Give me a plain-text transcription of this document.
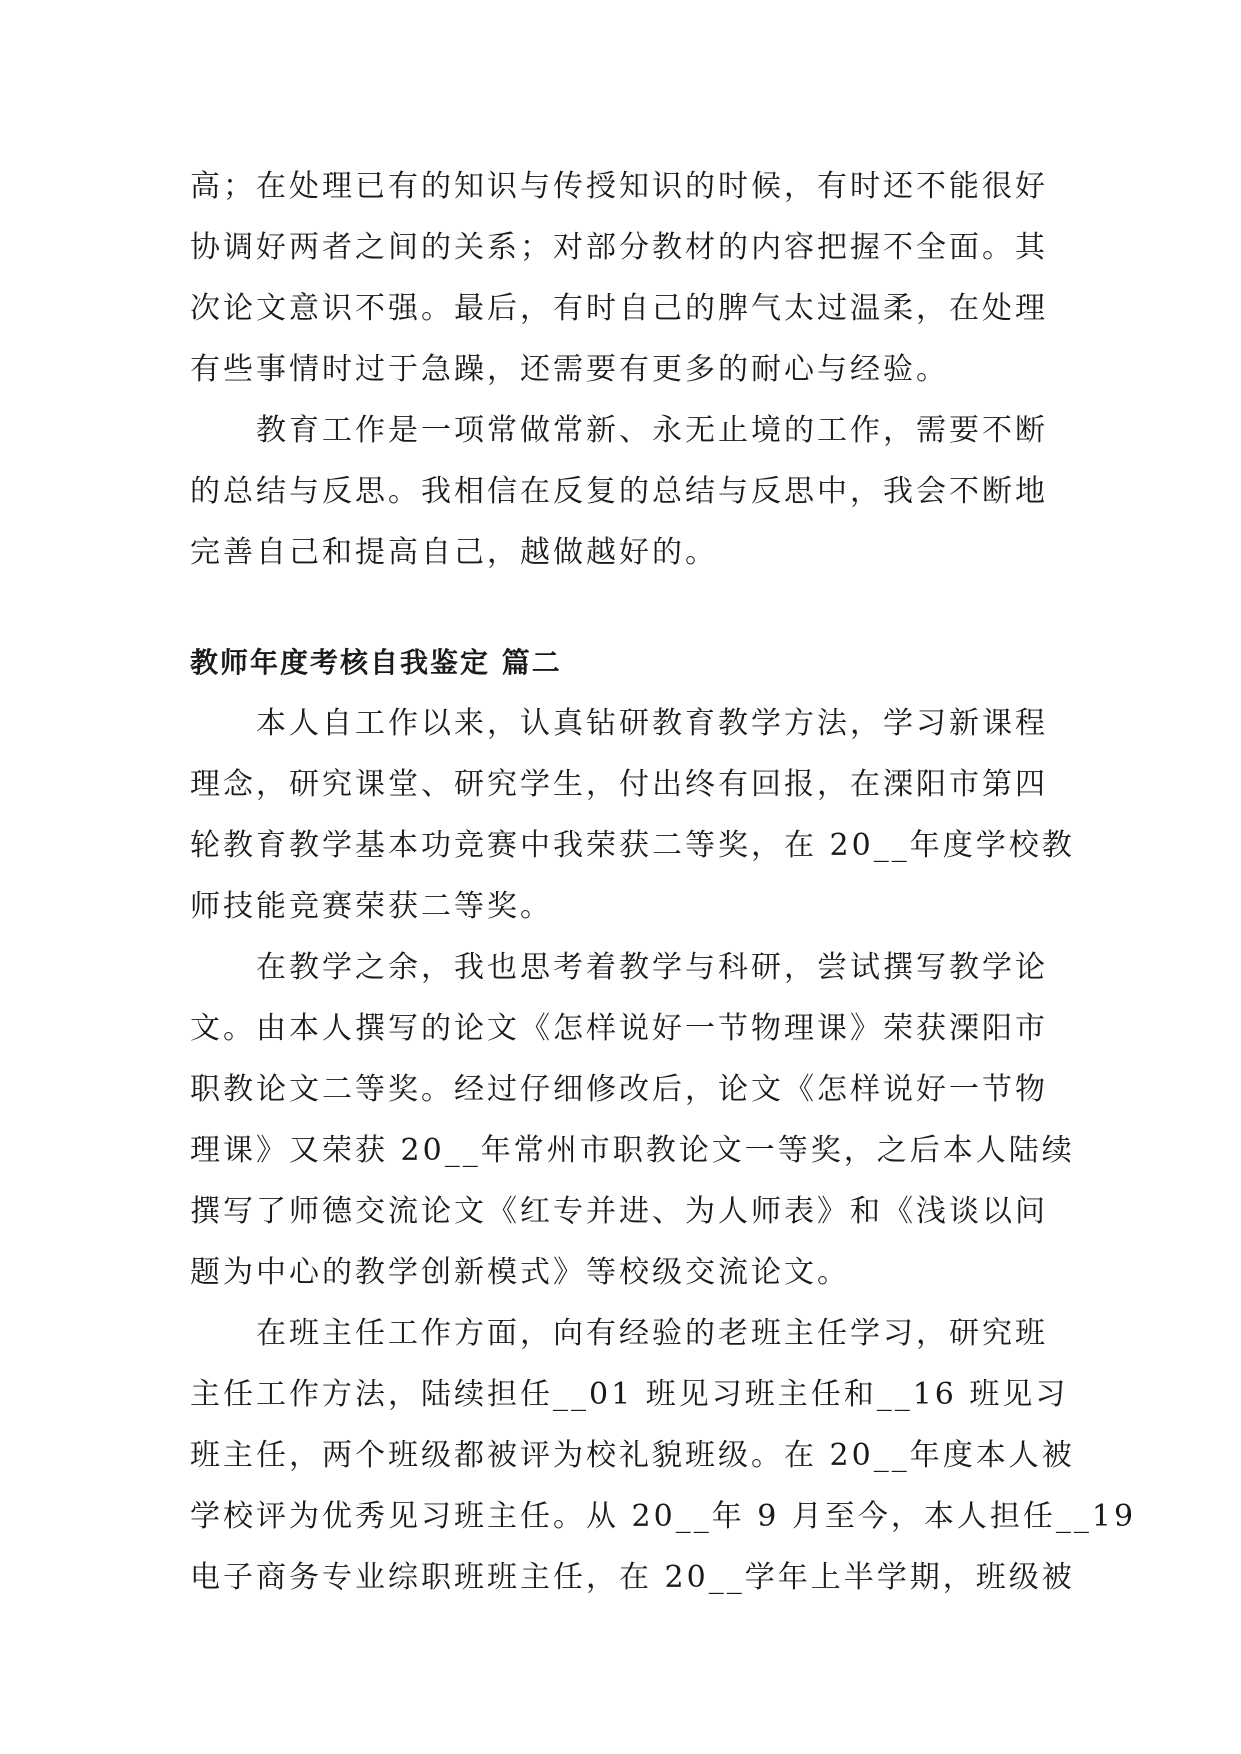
高；在处理已有的知识与传授知识的时候，有时还不能很好
协调好两者之间的关系；对部分教材的内容把握不全面。其
次论文意识不强。最后，有时自己的脾气太过温柔，在处理
有些事情时过于急躁，还需要有更多的耐心与经验。

教育工作是一项常做常新、永无止境的工作，需要不断
的总结与反思。我相信在反复的总结与反思中，我会不断地
完善自己和提高自己，越做越好的。

教师年度考核自我鉴定 篇二

本人自工作以来，认真钻研教育教学方法，学习新课程
理念，研究课堂、研究学生，付出终有回报，在溧阳市第四
轮教育教学基本功竞赛中我荣获二等奖，在 20__年度学校教
师技能竞赛荣获二等奖。

在教学之余，我也思考着教学与科研，尝试撰写教学论
文。由本人撰写的论文《怎样说好一节物理课》荣获溧阳市
职教论文二等奖。经过仔细修改后，论文《怎样说好一节物
理课》又荣获 20__年常州市职教论文一等奖，之后本人陆续
撰写了师德交流论文《红专并进、为人师表》和《浅谈以问
题为中心的教学创新模式》等校级交流论文。

在班主任工作方面，向有经验的老班主任学习，研究班
主任工作方法，陆续担任__01 班见习班主任和__16 班见习
班主任，两个班级都被评为校礼貌班级。在 20__年度本人被
学校评为优秀见习班主任。从 20__年 9 月至今，本人担任__19
电子商务专业综职班班主任，在 20__学年上半学期，班级被
